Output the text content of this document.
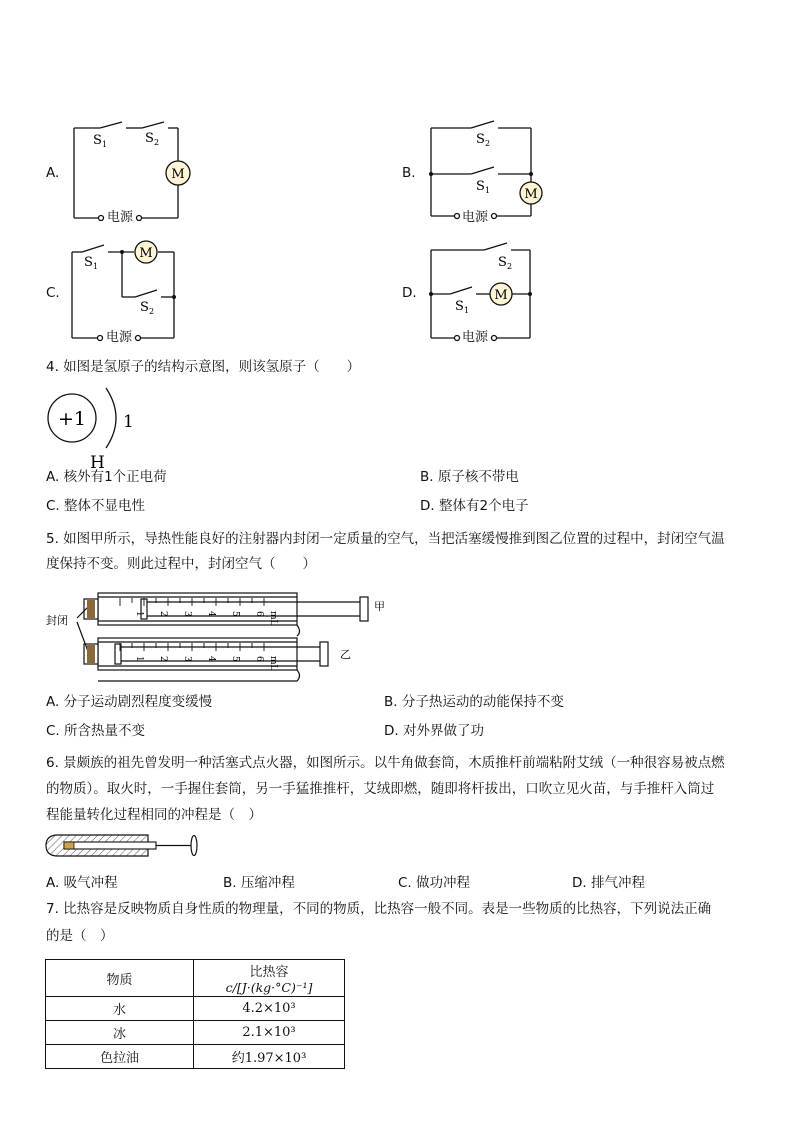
A.	M
S 1	S 2
电源
B.
M
S 2
S 1
电源
C.
M
S 1
S 2
电源
D.	M
S 2
S 1
电源
4. 如图是氢原子的结构示意图，则该氢原子（　　）
+1 1
H
A. 核外有1个正电荷	B. 原子核不带电
C. 整体不显电性	D. 整体有2个电子
5. 如图甲所示，导热性能良好的注射器内封闭一定质量的空气，当把活塞缓慢推到图乙位置的过程中，封闭空气温
度保持不变。则此过程中，封闭空气（　　）
1 2 3 4 5 6 mL
1 2 3 4 5 6 mL
封闭
甲
乙
A. 分子运动剧烈程度变缓慢	B. 分子热运动的动能保持不变
C. 所含热量不变	D. 对外界做了功
6. 景颇族的祖先曾发明一种活塞式点火器，如图所示。以牛角做套筒，木质推杆前端粘附艾绒（一种很容易被点燃
的物质）。取火时，一手握住套筒，另一手猛推推杆，艾绒即燃，随即将杆拔出，口吹立见火苗，与手推杆入筒过
程能量转化过程相同的冲程是（　）
A. 吸气冲程	B. 压缩冲程	C. 做功冲程	D. 排气冲程
7. 比热容是反映物质自身性质的物理量，不同的物质，比热容一般不同。表是一些物质的比热容，下列说法正确
的是（　）
物质	比热容
c/[J·(kg·°C)⁻¹]

水	4.2×10³
冰	2.1×10³
色拉油	约1.97×10³
